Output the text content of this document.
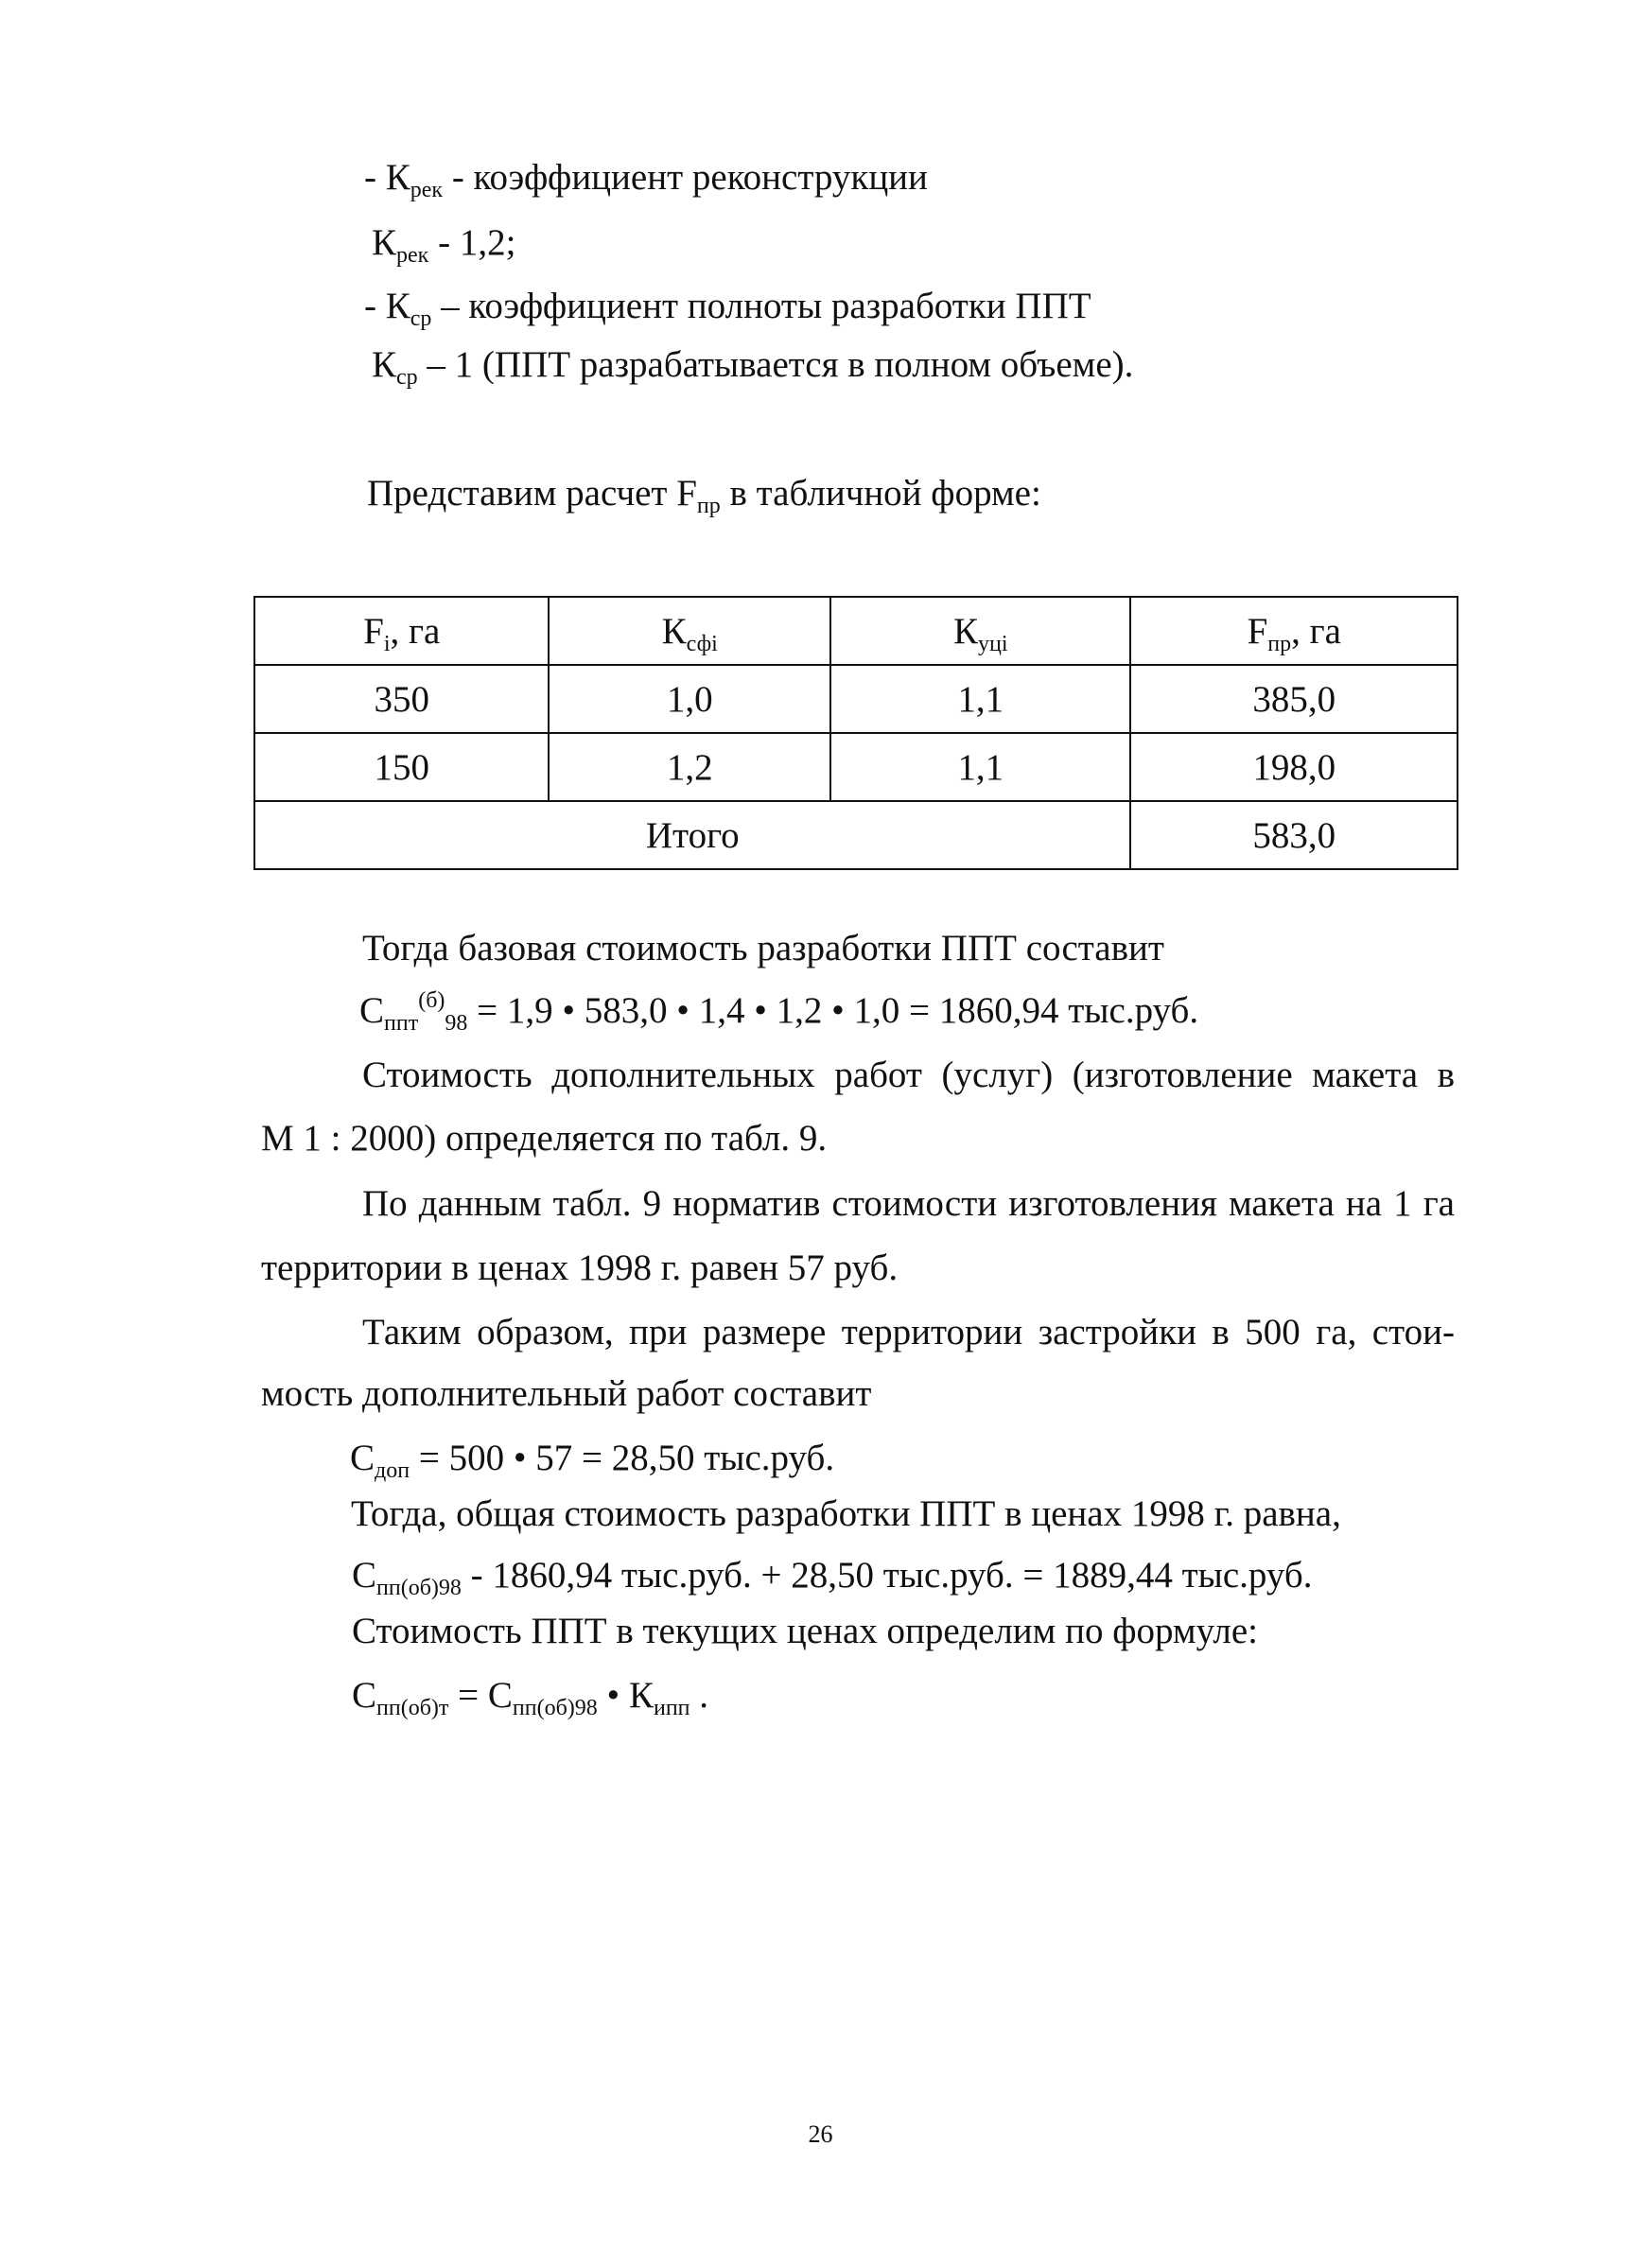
- $К_{рек}$ - коэффициент реконструкции
$К_{рек} - 1,2$;
- $К_{ср}$ – коэффициент полноты разработки ППТ
$К_{ср} - 1$ (ППТ разрабатывается в полном объеме).
Представим расчет $F_{пр}$ в табличной форме:
$F_i$, га	$К_{сфi}$	$К_{уцi}$	$F_{пр}$, га
350	1,0	1,1	385,0
150	1,2	1,1	198,0
Итого			583,0
Тогда базовая стоимость разработки ППТ составит
$С_{ппт}^{(б)}_{98} = 1,9$ • 583,0 • 1,4 • 1,2 • 1,0 = 1860,94 тыс.руб.
Стоимость дополнительных работ (услуг) (изготовление макета в
М 1 : 2000) определяется по табл. 9.
По данным табл. 9 норматив стоимости изготовления макета на 1 га
территории в ценах 1998 г. равен 57 руб.
Таким образом, при размере территории застройки в 500 га, стои-
мость дополнительный работ составит
$С_{доп} = 500$ • 57 = 28,50 тыс.руб.
Тогда, общая стоимость разработки ППТ в ценах 1998 г. равна,
$С_{пп(об)98} - 1860,94$ тыс.руб. + 28,50 тыс.руб. = 1889,44 тыс.руб.
Стоимость ППТ в текущих ценах определим по формуле:
$С_{пп(об)т} = С_{пп(об)98}$ • $К_{ипп}$ .
26
